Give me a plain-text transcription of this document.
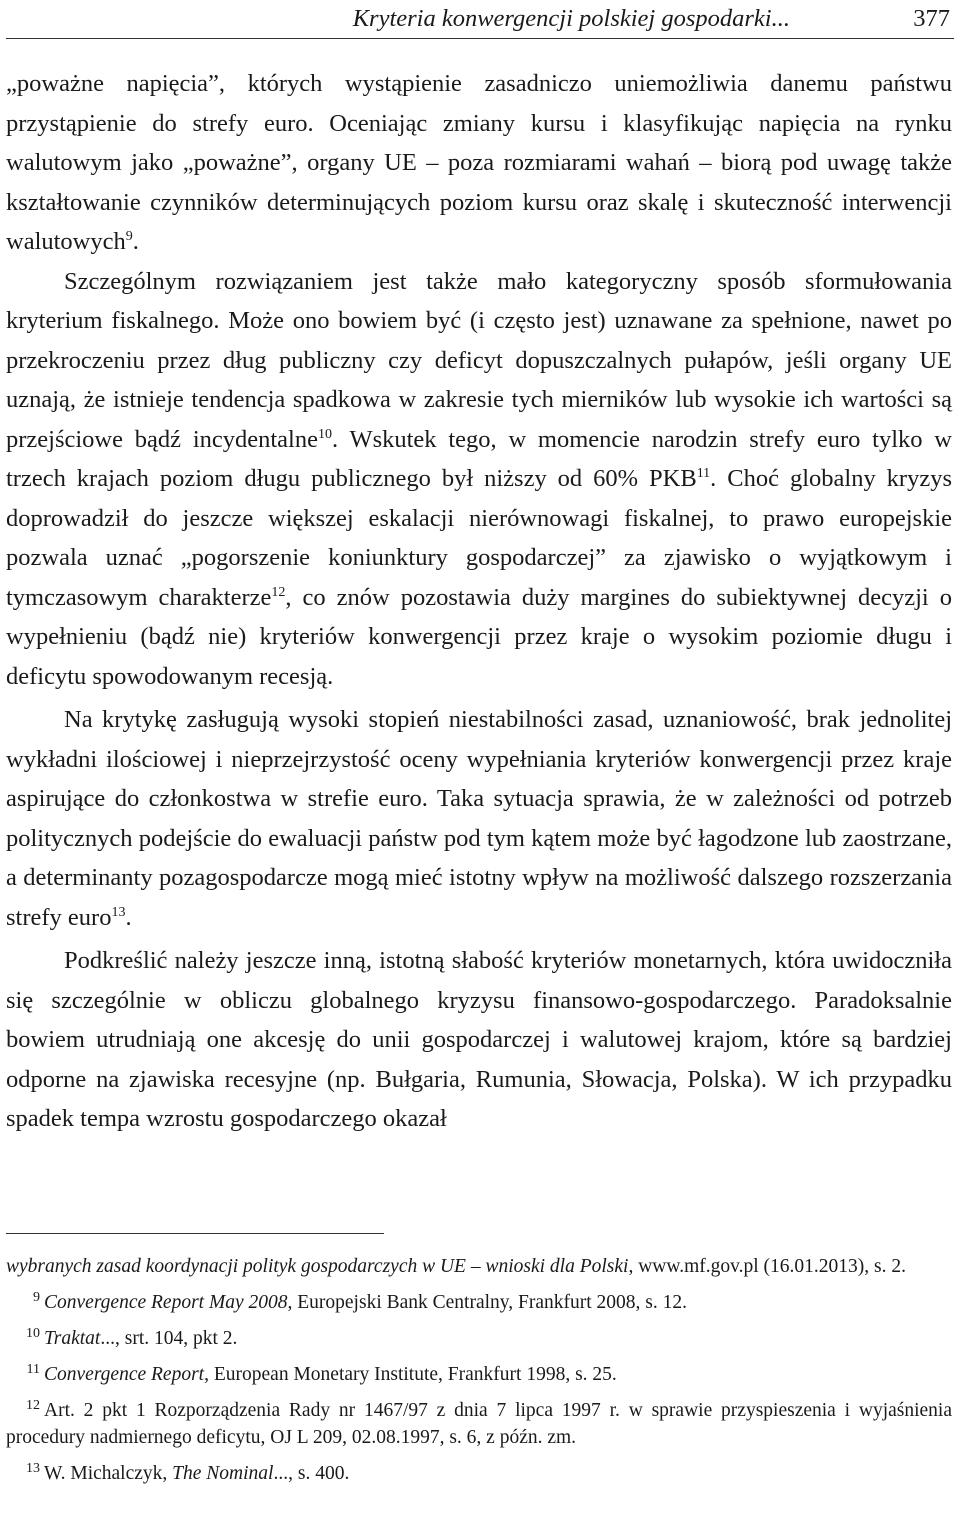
Kryteria konwergencji polskiej gospodarki...	377

„poważne napięcia”, których wystąpienie zasadniczo uniemożliwia danemu państwu przystąpienie do strefy euro. Oceniając zmiany kursu i klasyfikując napięcia na rynku walutowym jako „poważne”, organy UE – poza rozmiarami wahań – biorą pod uwagę także kształtowanie czynników determinujących poziom kursu oraz skalę i skuteczność interwencji walutowych$^9$.

Szczególnym rozwiązaniem jest także mało kategoryczny sposób sformułowania kryterium fiskalnego. Może ono bowiem być (i często jest) uznawane za spełnione, nawet po przekroczeniu przez dług publiczny czy deficyt dopuszczalnych pułapów, jeśli organy UE uznają, że istnieje tendencja spadkowa w zakresie tych mierników lub wysokie ich wartości są przejściowe bądź incydentalne$^{10}$. Wskutek tego, w momencie narodzin strefy euro tylko w trzech krajach poziom długu publicznego był niższy od 60% PKB$^{11}$. Choć globalny kryzys doprowadził do jeszcze większej eskalacji nierównowagi fiskalnej, to prawo europejskie pozwala uznać „pogorszenie koniunktury gospodarczej” za zjawisko o wyjątkowym i tymczasowym charakterze$^{12}$, co znów pozostawia duży margines do subiektywnej decyzji o wypełnieniu (bądź nie) kryteriów konwergencji przez kraje o wysokim poziomie długu i deficytu spowodowanym recesją.

Na krytykę zasługują wysoki stopień niestabilności zasad, uznaniowość, brak jednolitej wykładni ilościowej i nieprzejrzystość oceny wypełniania kryteriów konwergencji przez kraje aspirujące do członkostwa w strefie euro. Taka sytuacja sprawia, że w zależności od potrzeb politycznych podejście do ewaluacji państw pod tym kątem może być łagodzone lub zaostrzane, a determinanty pozagospodarcze mogą mieć istotny wpływ na możliwość dalszego rozszerzania strefy euro$^{13}$.

Podkreślić należy jeszcze inną, istotną słabość kryteriów monetarnych, która uwidoczniła się szczególnie w obliczu globalnego kryzysu finansowo-gospodarczego. Paradoksalnie bowiem utrudniają one akcesję do unii gospodarczej i walutowej krajom, które są bardziej odporne na zjawiska recesyjne (np. Bułgaria, Rumunia, Słowacja, Polska). W ich przypadku spadek tempa wzrostu gospodarczego okazał

wybranych zasad koordynacji polityk gospodarczych w UE – wnioski dla Polski, www.mf.gov.pl (16.01.2013), s. 2.

9 Convergence Report May 2008, Europejski Bank Centralny, Frankfurt 2008, s. 12.

10 Traktat..., srt. 104, pkt 2.

11 Convergence Report, European Monetary Institute, Frankfurt 1998, s. 25.

12 Art. 2 pkt 1 Rozporządzenia Rady nr 1467/97 z dnia 7 lipca 1997 r. w sprawie przyspieszenia i wyjaśnienia procedury nadmiernego deficytu, OJ L 209, 02.08.1997, s. 6, z późn. zm.

13 W. Michalczyk, The Nominal..., s. 400.
